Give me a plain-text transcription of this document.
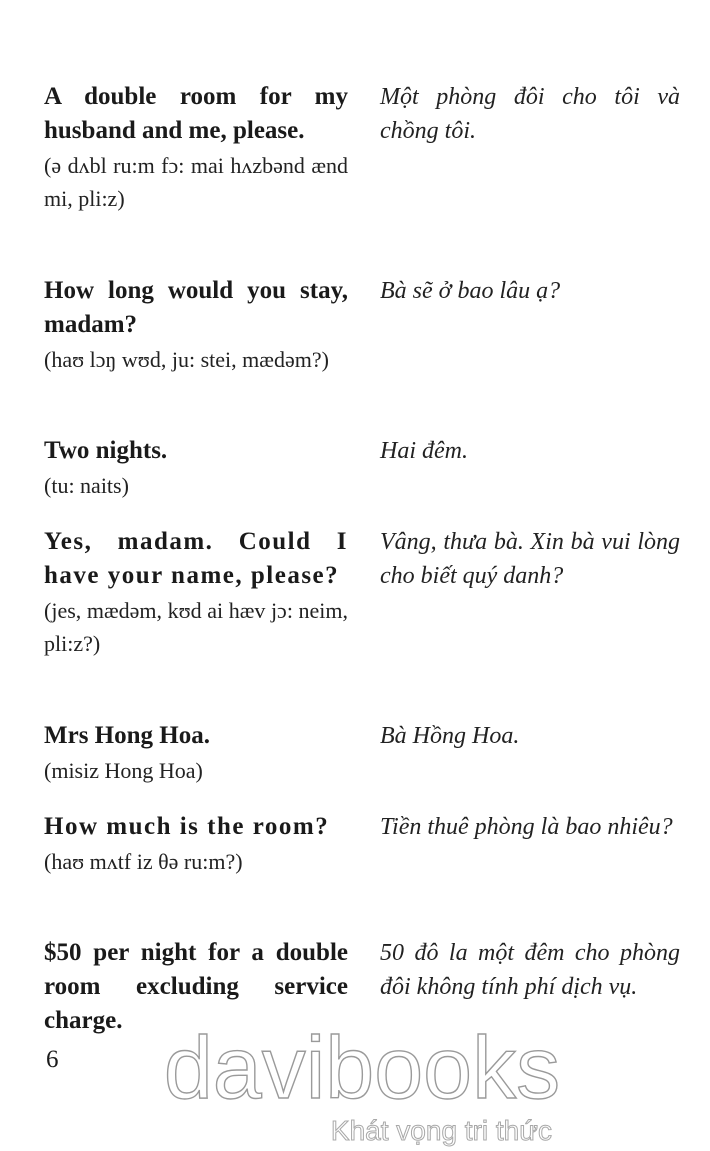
A double room for my husband and me, please.
(ə dʌbl ru:m fɔ: mai hʌzbənd ænd mi, pli:z)
Một phòng đôi cho tôi và chồng tôi.
How long would you stay, madam?
(haʊ lɔŋ wʊd, ju: stei, mædəm?)
Bà sẽ ở bao lâu ạ?
Two nights.
(tu: naits)
Hai đêm.
Yes, madam. Could I have your name, please?
(jes, mædəm, kʊd ai hæv jɔ: neim, pli:z?)
Vâng, thưa bà. Xin bà vui lòng cho biết quý danh?
Mrs Hong Hoa.
(misiz Hong Hoa)
Bà Hồng Hoa.
How much is the room?
(haʊ mʌtf iz θə ru:m?)
Tiền thuê phòng là bao nhiêu?
$50 per night for a double room excluding service charge.
50 đô la một đêm cho phòng đôi không tính phí dịch vụ.
6 davibooks
Khát vọng tri thức
